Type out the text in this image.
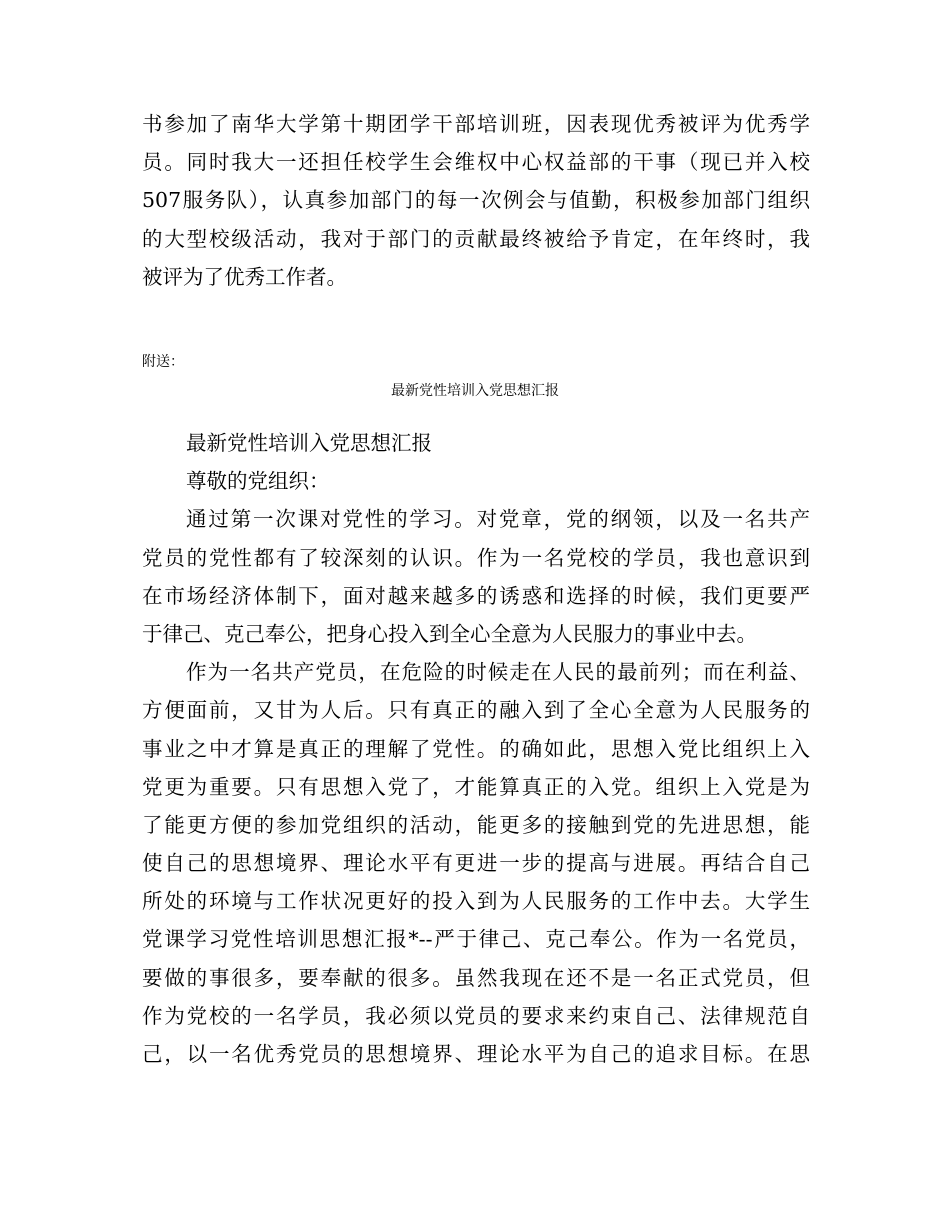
书参加了南华大学第十期团学干部培训班，因表现优秀被评为优秀学
员。同时我大一还担任校学生会维权中心权益部的干事（现已并入校
507服务队），认真参加部门的每一次例会与值勤，积极参加部门组织
的大型校级活动，我对于部门的贡献最终被给予肯定，在年终时，我
被评为了优秀工作者。
附送：
最新党性培训入党思想汇报
最新党性培训入党思想汇报
尊敬的党组织：
通过第一次课对党性的学习。对党章，党的纲领，以及一名共产
党员的党性都有了较深刻的认识。作为一名党校的学员，我也意识到
在市场经济体制下，面对越来越多的诱惑和选择的时候，我们更要严
于律己、克己奉公，把身心投入到全心全意为人民服力的事业中去。
作为一名共产党员，在危险的时候走在人民的最前列；而在利益、
方便面前，又甘为人后。只有真正的融入到了全心全意为人民服务的
事业之中才算是真正的理解了党性。的确如此，思想入党比组织上入
党更为重要。只有思想入党了，才能算真正的入党。组织上入党是为
了能更方便的参加党组织的活动，能更多的接触到党的先进思想，能
使自己的思想境界、理论水平有更进一步的提高与进展。再结合自己
所处的环境与工作状况更好的投入到为人民服务的工作中去。大学生
党课学习党性培训思想汇报*--严于律己、克己奉公。作为一名党员，
要做的事很多，要奉献的很多。虽然我现在还不是一名正式党员，但
作为党校的一名学员，我必须以党员的要求来约束自己、法律规范自
己，以一名优秀党员的思想境界、理论水平为自己的追求目标。在思
